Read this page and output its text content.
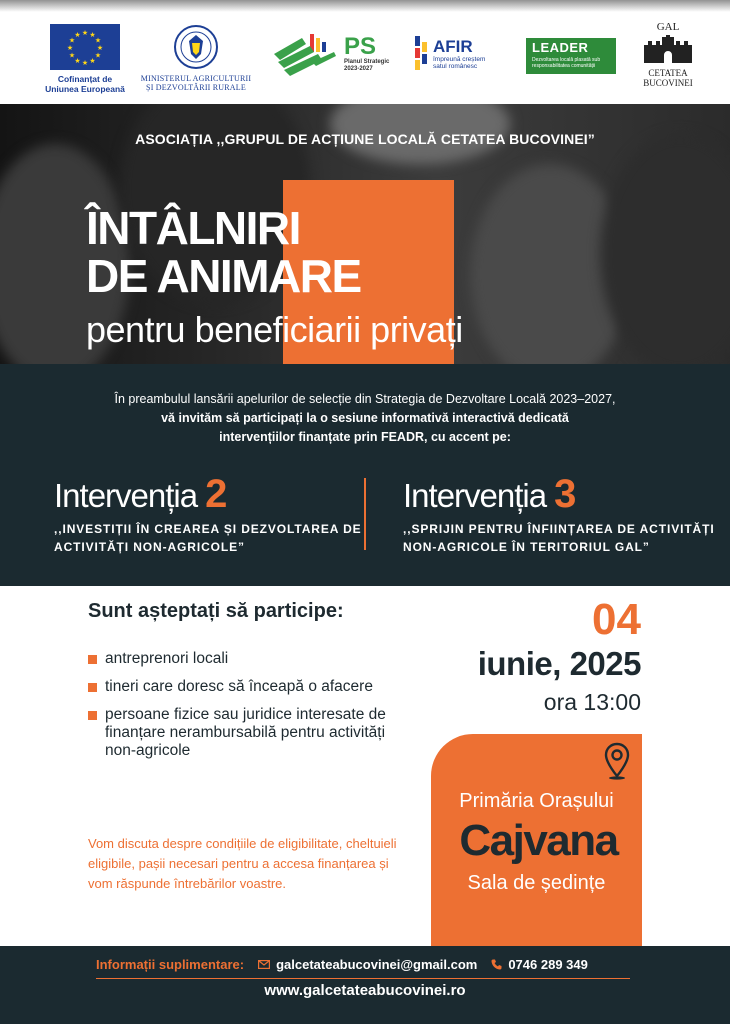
★ ★
★
★
★
★
★
★
★
★
★
★
Cofinanțat de
Uniunea Europeană
MINISTERUL AGRICULTURII
ȘI DEZVOLTĂRII RURALE
PS
Planul Strategic
2023-2027
AFIR
împreună creștem
satul românesc
LEADER
Dezvoltarea locală plasată sub responsabilitatea comunității
GAL
CETATEA
BUCOVINEI
ASOCIAȚIA ,,GRUPUL DE ACȚIUNE LOCALĂ CETATEA BUCOVINEI”
ÎNTÂLNIRI
DE ANIMARE
pentru beneficiarii privați
În preambulul lansării apelurilor de selecție din Strategia de Dezvoltare Locală 2023–2027,
vă invităm să participați la o sesiune informativă interactivă dedicată
intervențiilor finanțate prin FEADR, cu accent pe:
Intervenția 2
,,INVESTIȚII ÎN CREAREA ȘI DEZVOLTAREA DE
ACTIVITĂȚI NON-AGRICOLE”
Intervenția 3
,,SPRIJIN PENTRU ÎNFIINȚAREA DE ACTIVITĂȚI
NON-AGRICOLE ÎN TERITORIUL GAL”
Sunt așteptați să participe:
antreprenori locali
tineri care doresc să înceapă o afacere
persoane fizice sau juridice interesate de finanțare nerambursabilă pentru activități non-agricole

Vom discuta despre condițiile de eligibilitate, cheltuieli eligibile, pașii necesari pentru a accesa finanțarea și vom răspunde întrebărilor voastre.

04
iunie, 2025
ora 13:00
Primăria Orașului
Cajvana
Sala de ședințe
Informații suplimentare: galcetateabucovinei@gmail.com 0746 289 349
www.galcetateabucovinei.ro
